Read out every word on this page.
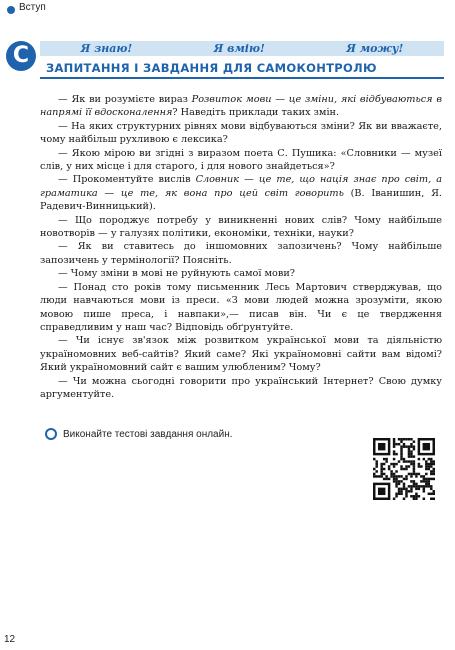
Вступ
С	Я знаю!	Я вмію!	Я можу!
ЗАПИТАННЯ І ЗАВДАННЯ ДЛЯ САМОКОНТРОЛЮ

— Як ви розумієте вираз Розвиток мови — це зміни, які відбуваються в напрямі її вдосконалення? Наведіть приклади таких змін.

— На яких структурних рівнях мови відбуваються зміни? Як ви вважаєте, чому найбільш рухливою є лексика?

— Якою мірою ви згідні з виразом поета С. Пушика: «Словники — музеї слів, у них місце і для старого, і для нового знайдеться»?

— Прокоментуйте вислів Словник — це те, що нація знає про світ, а граматика — це те, як вона про цей світ говорить (В. Іванишин, Я. Радевич-Винницький).

— Що породжує потребу у виникненні нових слів? Чому найбільше новотворів — у галузях політики, економіки, техніки, науки?

— Як ви ставитесь до іншомовних запозичень? Чому найбільше запозичень у термінології? Поясніть.

— Чому зміни в мові не руйнують самої мови?

— Понад сто років тому письменник Лесь Мартович стверджував, що люди навчаються мови із преси. «З мови людей можна зрозуміти, якою мовою пише преса, і навпаки»,— писав він. Чи є це твердження справедливим у наш час? Відповідь обґрунтуйте.

— Чи існує зв'язок між розвитком української мови та діяльністю україномовних веб-сайтів? Який саме? Які україномовні сайти вам відомі? Який україномовний сайт є вашим улюбленим? Чому?

— Чи можна сьогодні говорити про український Інтернет? Свою думку аргументуйте.

Виконайте тестові завдання онлайн.
12
